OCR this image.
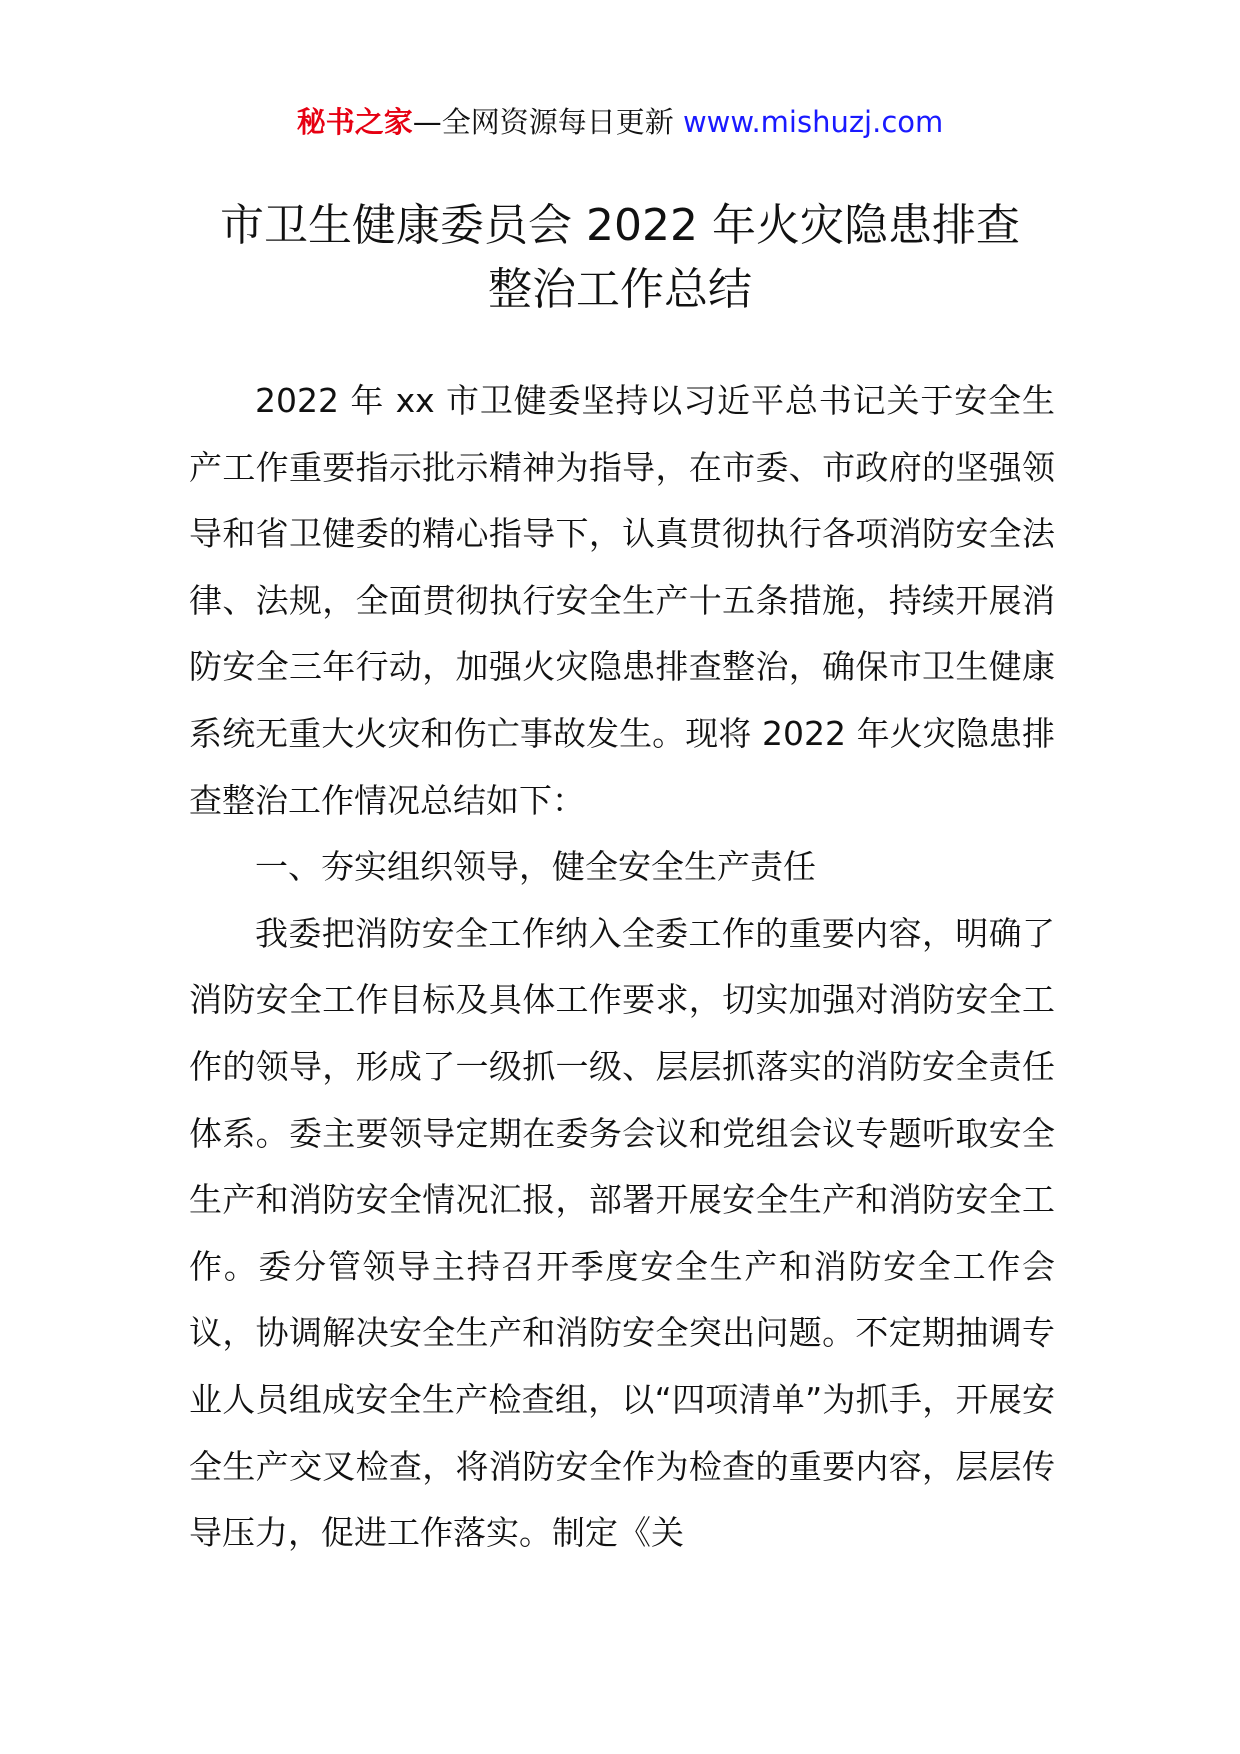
秘书之家—全网资源每日更新 www.mishuzj.com
市卫生健康委员会 2022 年火灾隐患排查
整治工作总结

2022 年 xx 市卫健委坚持以习近平总书记关于安全生产工作重要指示批示精神为指导，在市委、市政府的坚强领导和省卫健委的精心指导下，认真贯彻执行各项消防安全法律、法规，全面贯彻执行安全生产十五条措施，持续开展消防安全三年行动，加强火灾隐患排查整治，确保市卫生健康系统无重大火灾和伤亡事故发生。现将 2022 年火灾隐患排查整治工作情况总结如下：

一、夯实组织领导，健全安全生产责任

我委把消防安全工作纳入全委工作的重要内容，明确了消防安全工作目标及具体工作要求，切实加强对消防安全工作的领导，形成了一级抓一级、层层抓落实的消防安全责任体系。委主要领导定期在委务会议和党组会议专题听取安全生产和消防安全情况汇报，部署开展安全生产和消防安全工作。委分管领导主持召开季度安全生产和消防安全工作会议，协调解决安全生产和消防安全突出问题。不定期抽调专业人员组成安全生产检查组，以“四项清单”为抓手，开展安全生产交叉检查，将消防安全作为检查的重要内容，层层传导压力，促进工作落实。制定《关
